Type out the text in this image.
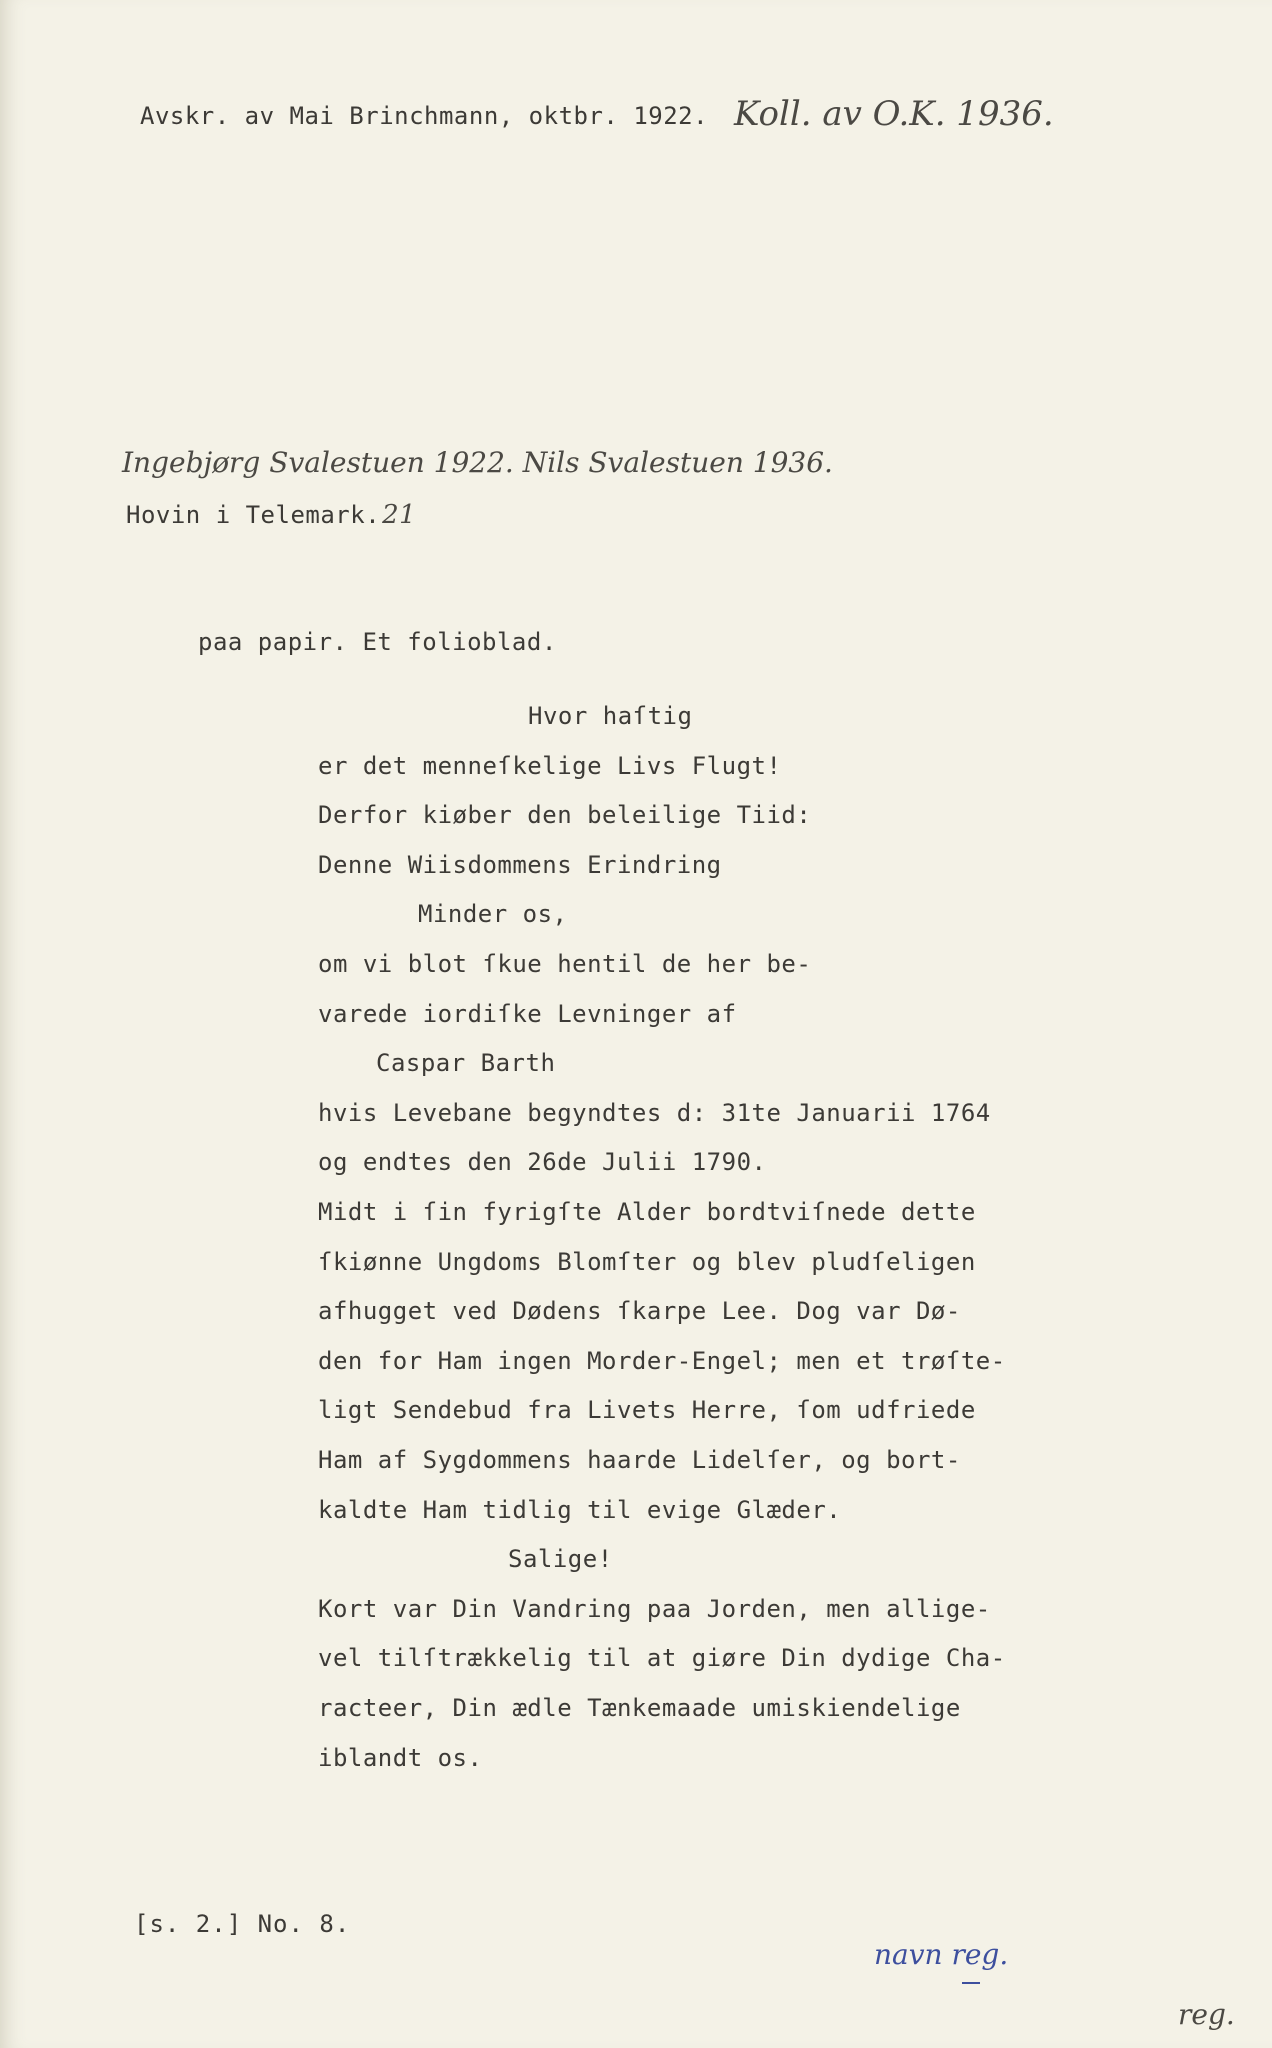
Avskr. av Mai Brinchmann, oktbr. 1922. Koll. av O.K. 1936.
Ingebjørg Svalestuen 1922. Nils Svalestuen 1936.

Hovin i Telemark.21

paa papir. Et folioblad.

Hvor haſtig

er det menneſkelige Livs Flugt!

Derfor kiøber den beleilige Tiid:

Denne Wiisdommens Erindring

Minder os,

om vi blot ſkue hentil de her be-

varede iordiſke Levninger af

Caspar Barth

hvis Levebane begyndtes d: 31te Januarii 1764

og endtes den 26de Julii 1790.

Midt i ſin fyrigſte Alder bordtviſnede dette

ſkiønne Ungdoms Blomſter og blev pludſeligen

afhugget ved Dødens ſkarpe Lee. Dog var Dø-

den for Ham ingen Morder-Engel; men et trøſte-

ligt Sendebud fra Livets Herre, ſom udfriede

Ham af Sygdommens haarde Lidelſer, og bort-

kaldte Ham tidlig til evige Glæder.

Salige!

Kort var Din Vandring paa Jorden, men allige-

vel tilſtrækkelig til at giøre Din dydige Cha-

racteer, Din ædle Tænkemaade umiskiendelige

iblandt os.

[s. 2.] No. 8.

navn reg.
reg.
